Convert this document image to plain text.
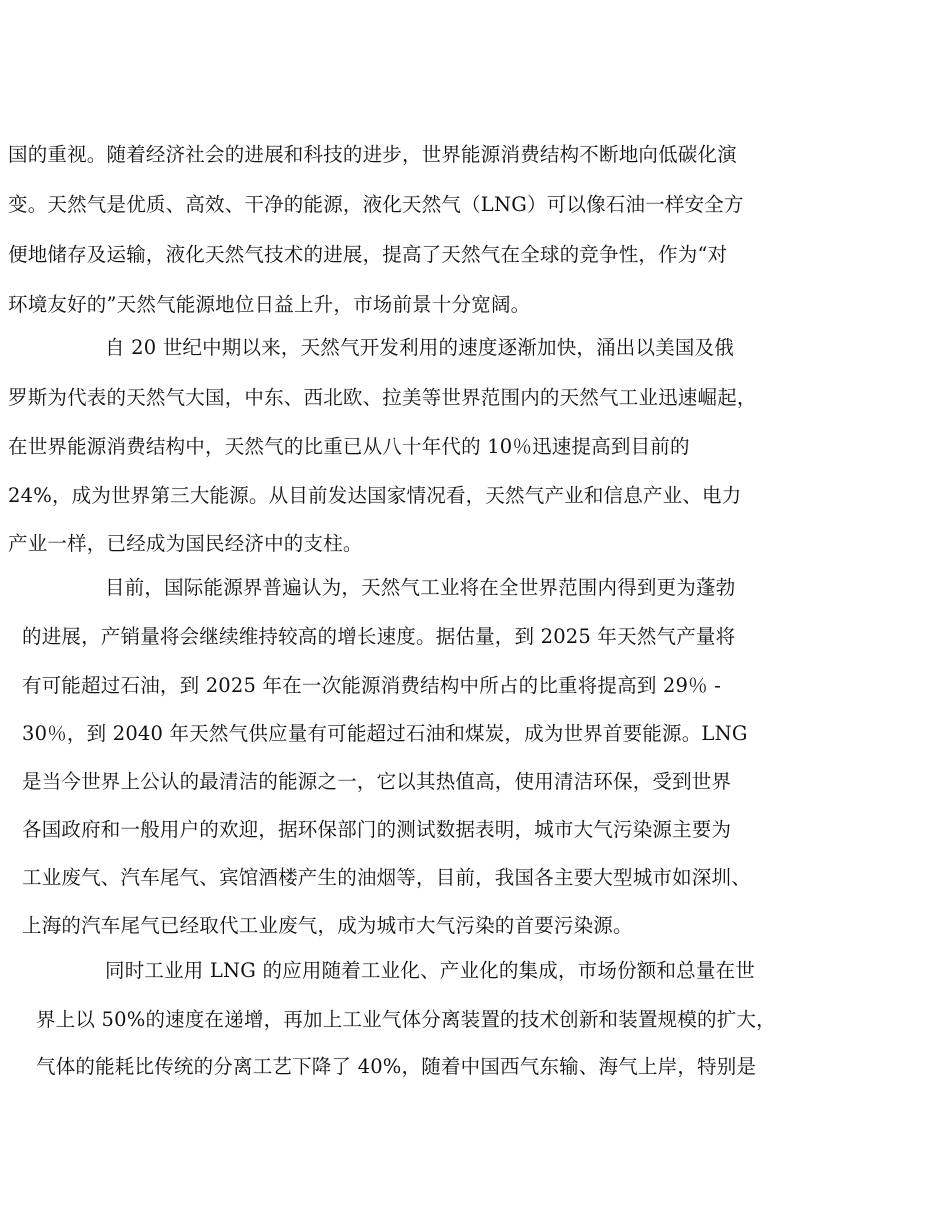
国的重视。随着经济社会的进展和科技的进步，世界能源消费结构不断地向低碳化演
变。天然气是优质、高效、干净的能源，液化天然气（LNG）可以像石油一样安全方
便地储存及运输，液化天然气技术的进展，提高了天然气在全球的竞争性，作为“对
环境友好的”天然气能源地位日益上升，市场前景十分宽阔。
自 20 世纪中期以来，天然气开发利用的速度逐渐加快，涌出以美国及俄
罗斯为代表的天然气大国，中东、西北欧、拉美等世界范围内的天然气工业迅速崛起，
在世界能源消费结构中，天然气的比重已从八十年代的 10％迅速提高到目前的
24%，成为世界第三大能源。从目前发达国家情况看，天然气产业和信息产业、电力
产业一样，已经成为国民经济中的支柱。
目前，国际能源界普遍认为，天然气工业将在全世界范围内得到更为蓬勃
的进展，产销量将会继续维持较高的增长速度。据估量，到 2025 年天然气产量将
有可能超过石油，到 2025 年在一次能源消费结构中所占的比重将提高到 29％ -
30％，到 2040 年天然气供应量有可能超过石油和煤炭，成为世界首要能源。LNG
是当今世界上公认的最清洁的能源之一，它以其热值高，使用清洁环保，受到世界
各国政府和一般用户的欢迎，据环保部门的测试数据表明，城市大气污染源主要为
工业废气、汽车尾气、宾馆酒楼产生的油烟等，目前，我国各主要大型城市如深圳、
上海的汽车尾气已经取代工业废气，成为城市大气污染的首要污染源。
同时工业用 LNG 的应用随着工业化、产业化的集成，市场份额和总量在世
界上以 50%的速度在递增，再加上工业气体分离装置的技术创新和装置规模的扩大，
气体的能耗比传统的分离工艺下降了 40%，随着中国西气东输、海气上岸，特别是
